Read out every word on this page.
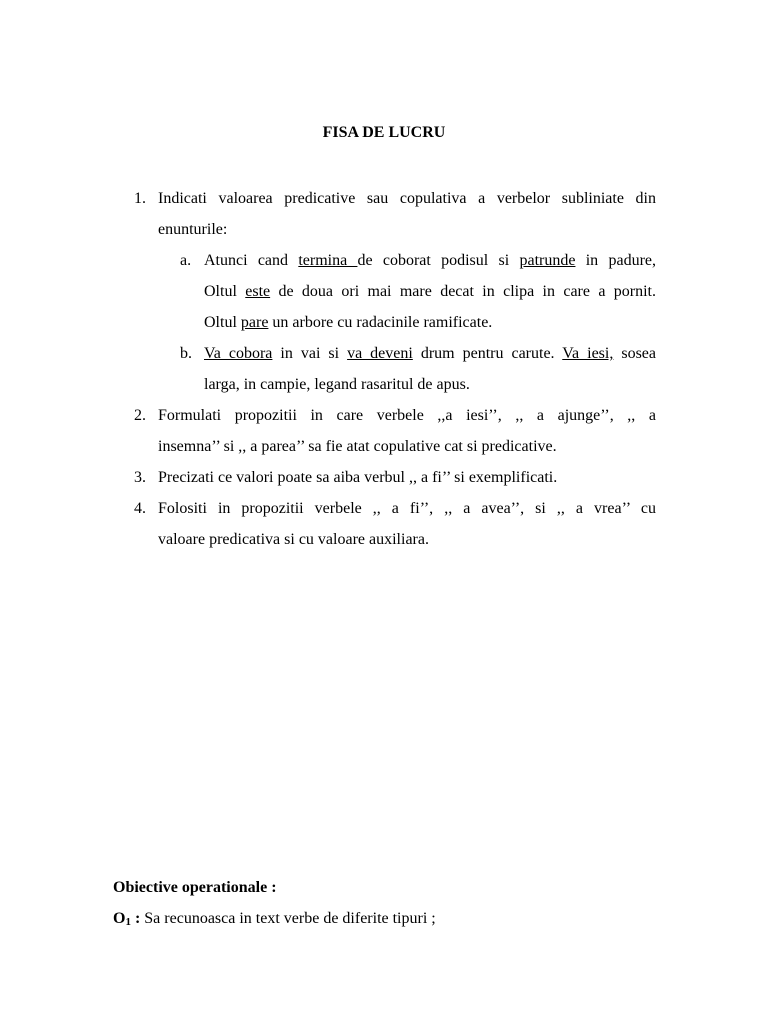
FISA DE LUCRU
1. Indicati valoarea predicative sau copulativa a verbelor subliniate din
enunturile:
a. Atunci cand termina de coborat podisul si patrunde in padure,
Oltul este de doua ori mai mare decat in clipa in care a pornit.
Oltul pare un arbore cu radacinile ramificate.
b. Va cobora in vai si va deveni drum pentru carute. Va iesi, sosea
larga, in campie, legand rasaritul de apus.
2. Formulati propozitii in care verbele ,,a iesi’’, ,, a ajunge’’, ,, a
insemna’’ si ,, a parea’’ sa fie atat copulative cat si predicative.
3. Precizati ce valori poate sa aiba verbul ,, a fi’’ si exemplificati.
4. Folositi in propozitii verbele ,, a fi’’, ,, a avea’’, si ,, a vrea’’ cu
valoare predicativa si cu valoare auxiliara.
Obiective operationale :
$O_1$ : Sa recunoasca in text verbe de diferite tipuri ;
